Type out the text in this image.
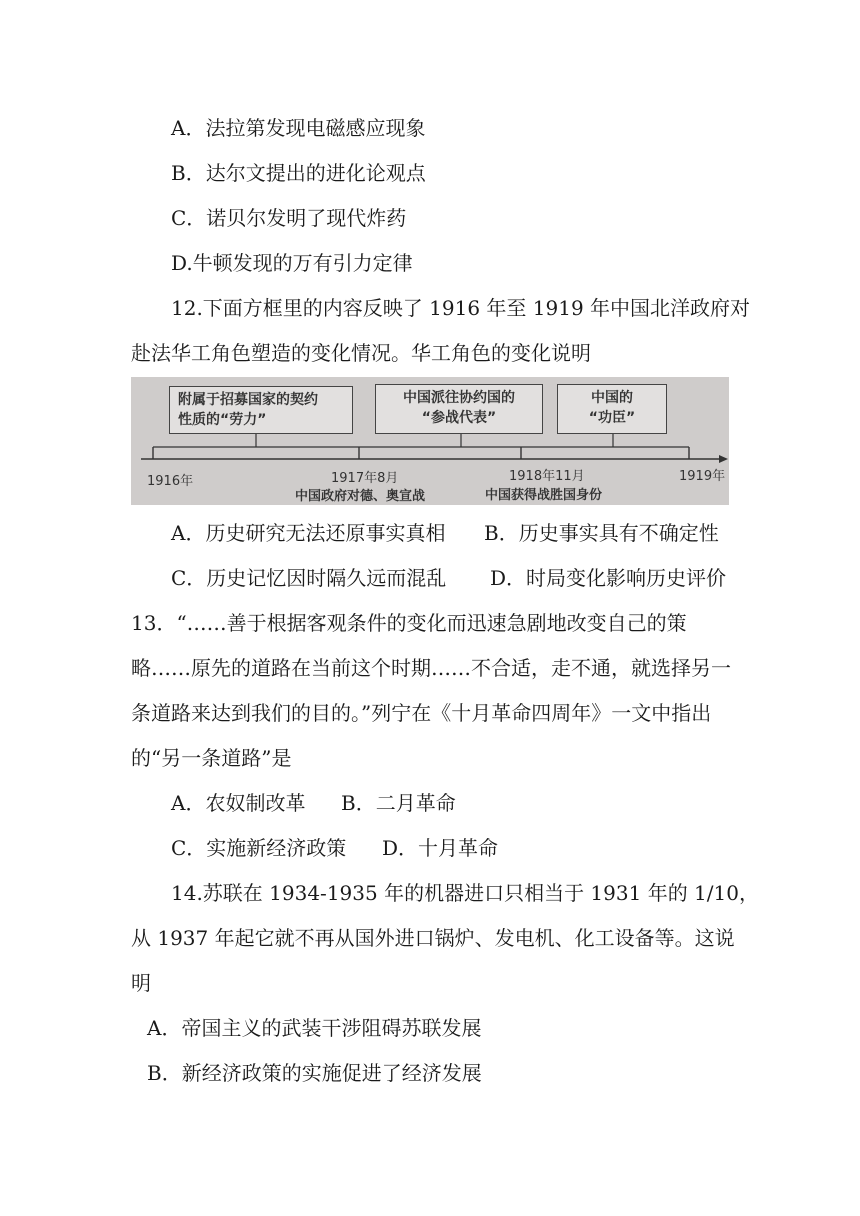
A．法拉第发现电磁感应现象
B．达尔文提出的进化论观点
C．诺贝尔发明了现代炸药
D.牛顿发现的万有引力定律
12.下面方框里的内容反映了 1916 年至 1919 年中国北洋政府对
赴法华工角色塑造的变化情况。华工角色的变化说明
附属于招募国家的契约
性质的“劳力”
中国派往协约国的
“参战代表”
中国的
“功臣”
1916年	1917年8月
中国政府对德、奥宣战
1918年11月
中国获得战胜国身份
1919年
A．历史研究无法还原事实真相 B．历史事实具有不确定性
C．历史记忆因时隔久远而混乱 D．时局变化影响历史评价
13．“……善于根据客观条件的变化而迅速急剧地改变自己的策
略……原先的道路在当前这个时期……不合适，走不通，就选择另一
条道路来达到我们的目的。”列宁在《十月革命四周年》一文中指出
的“另一条道路”是
A．农奴制改革 B．二月革命
C．实施新经济政策 D．十月革命
14.苏联在 1934-1935 年的机器进口只相当于 1931 年的 1/10，
从 1937 年起它就不再从国外进口锅炉、发电机、化工设备等。这说
明
A．帝国主义的武装干涉阻碍苏联发展
B．新经济政策的实施促进了经济发展
